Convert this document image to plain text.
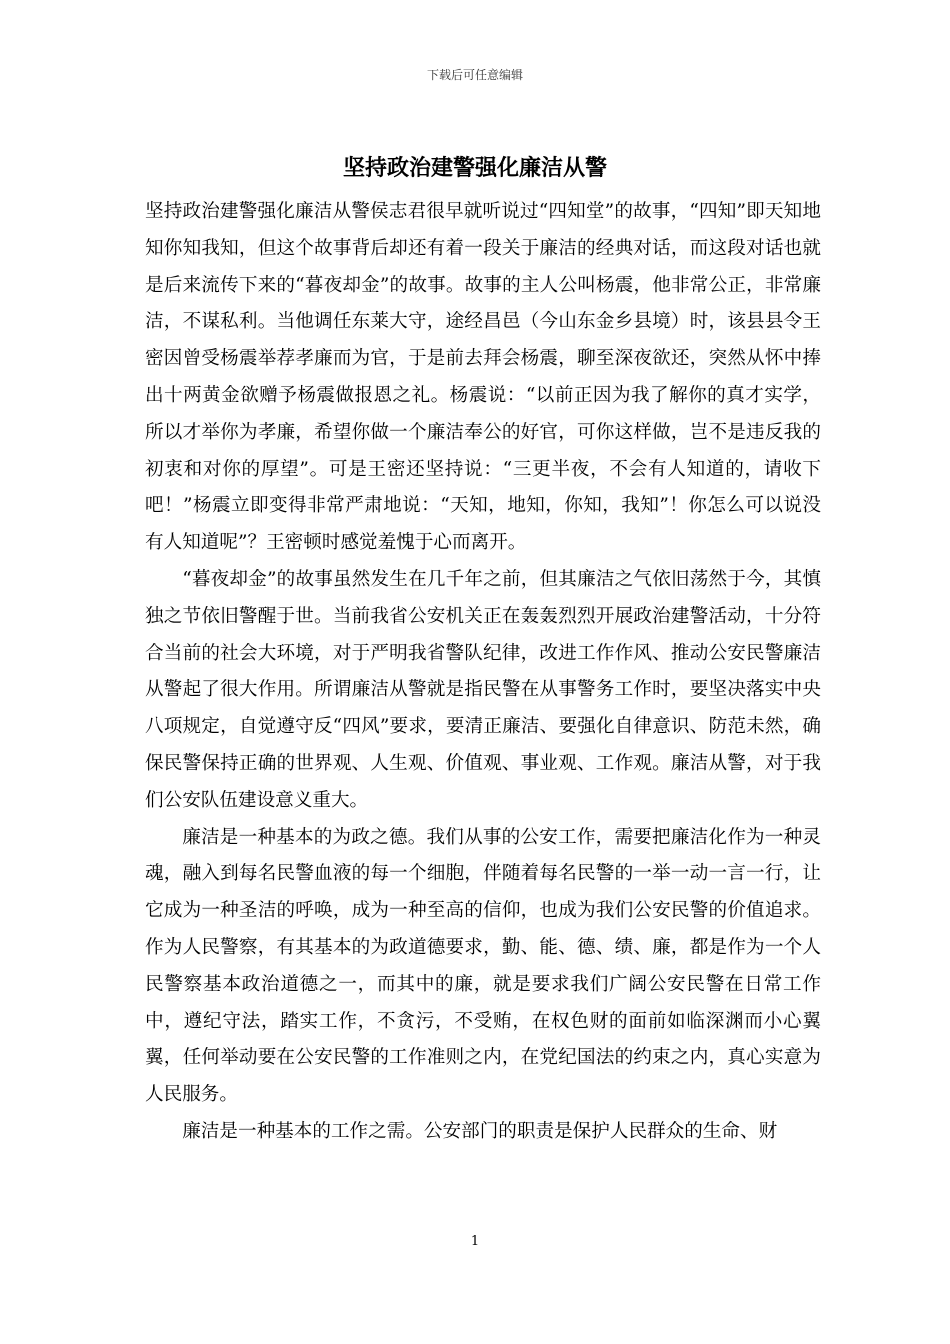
下载后可任意编辑
坚持政治建警强化廉洁从警

坚持政治建警强化廉洁从警侯志君很早就听说过“四知堂”的故事，“四知”即天知地知你知我知，但这个故事背后却还有着一段关于廉洁的经典对话，而这段对话也就是后来流传下来的“暮夜却金”的故事。故事的主人公叫杨震，他非常公正，非常廉洁，不谋私利。当他调任东莱大守，途经昌邑（今山东金乡县境）时，该县县令王密因曾受杨震举荐孝廉而为官，于是前去拜会杨震，聊至深夜欲还，突然从怀中捧出十两黄金欲赠予杨震做报恩之礼。杨震说：“以前正因为我了解你的真才实学，所以才举你为孝廉，希望你做一个廉洁奉公的好官，可你这样做，岂不是违反我的初衷和对你的厚望”。可是王密还坚持说：“三更半夜，不会有人知道的，请收下吧！”杨震立即变得非常严肃地说：“天知，地知，你知，我知”！你怎么可以说没有人知道呢”？王密顿时感觉羞愧于心而离开。

“暮夜却金”的故事虽然发生在几千年之前，但其廉洁之气依旧荡然于今，其慎独之节依旧警醒于世。当前我省公安机关正在轰轰烈烈开展政治建警活动，十分符合当前的社会大环境，对于严明我省警队纪律，改进工作作风、推动公安民警廉洁从警起了很大作用。所谓廉洁从警就是指民警在从事警务工作时，要坚决落实中央八项规定，自觉遵守反“四风”要求，要清正廉洁、要强化自律意识、防范未然，确保民警保持正确的世界观、人生观、价值观、事业观、工作观。廉洁从警，对于我们公安队伍建设意义重大。

廉洁是一种基本的为政之德。我们从事的公安工作，需要把廉洁化作为一种灵魂，融入到每名民警血液的每一个细胞，伴随着每名民警的一举一动一言一行，让它成为一种圣洁的呼唤，成为一种至高的信仰，也成为我们公安民警的价值追求。作为人民警察，有其基本的为政道德要求，勤、能、德、绩、廉，都是作为一个人民警察基本政治道德之一，而其中的廉，就是要求我们广阔公安民警在日常工作中，遵纪守法，踏实工作，不贪污，不受贿，在权色财的面前如临深渊而小心翼翼，任何举动要在公安民警的工作准则之内，在党纪国法的约束之内，真心实意为人民服务。

廉洁是一种基本的工作之需。公安部门的职责是保护人民群众的生命、财

1
